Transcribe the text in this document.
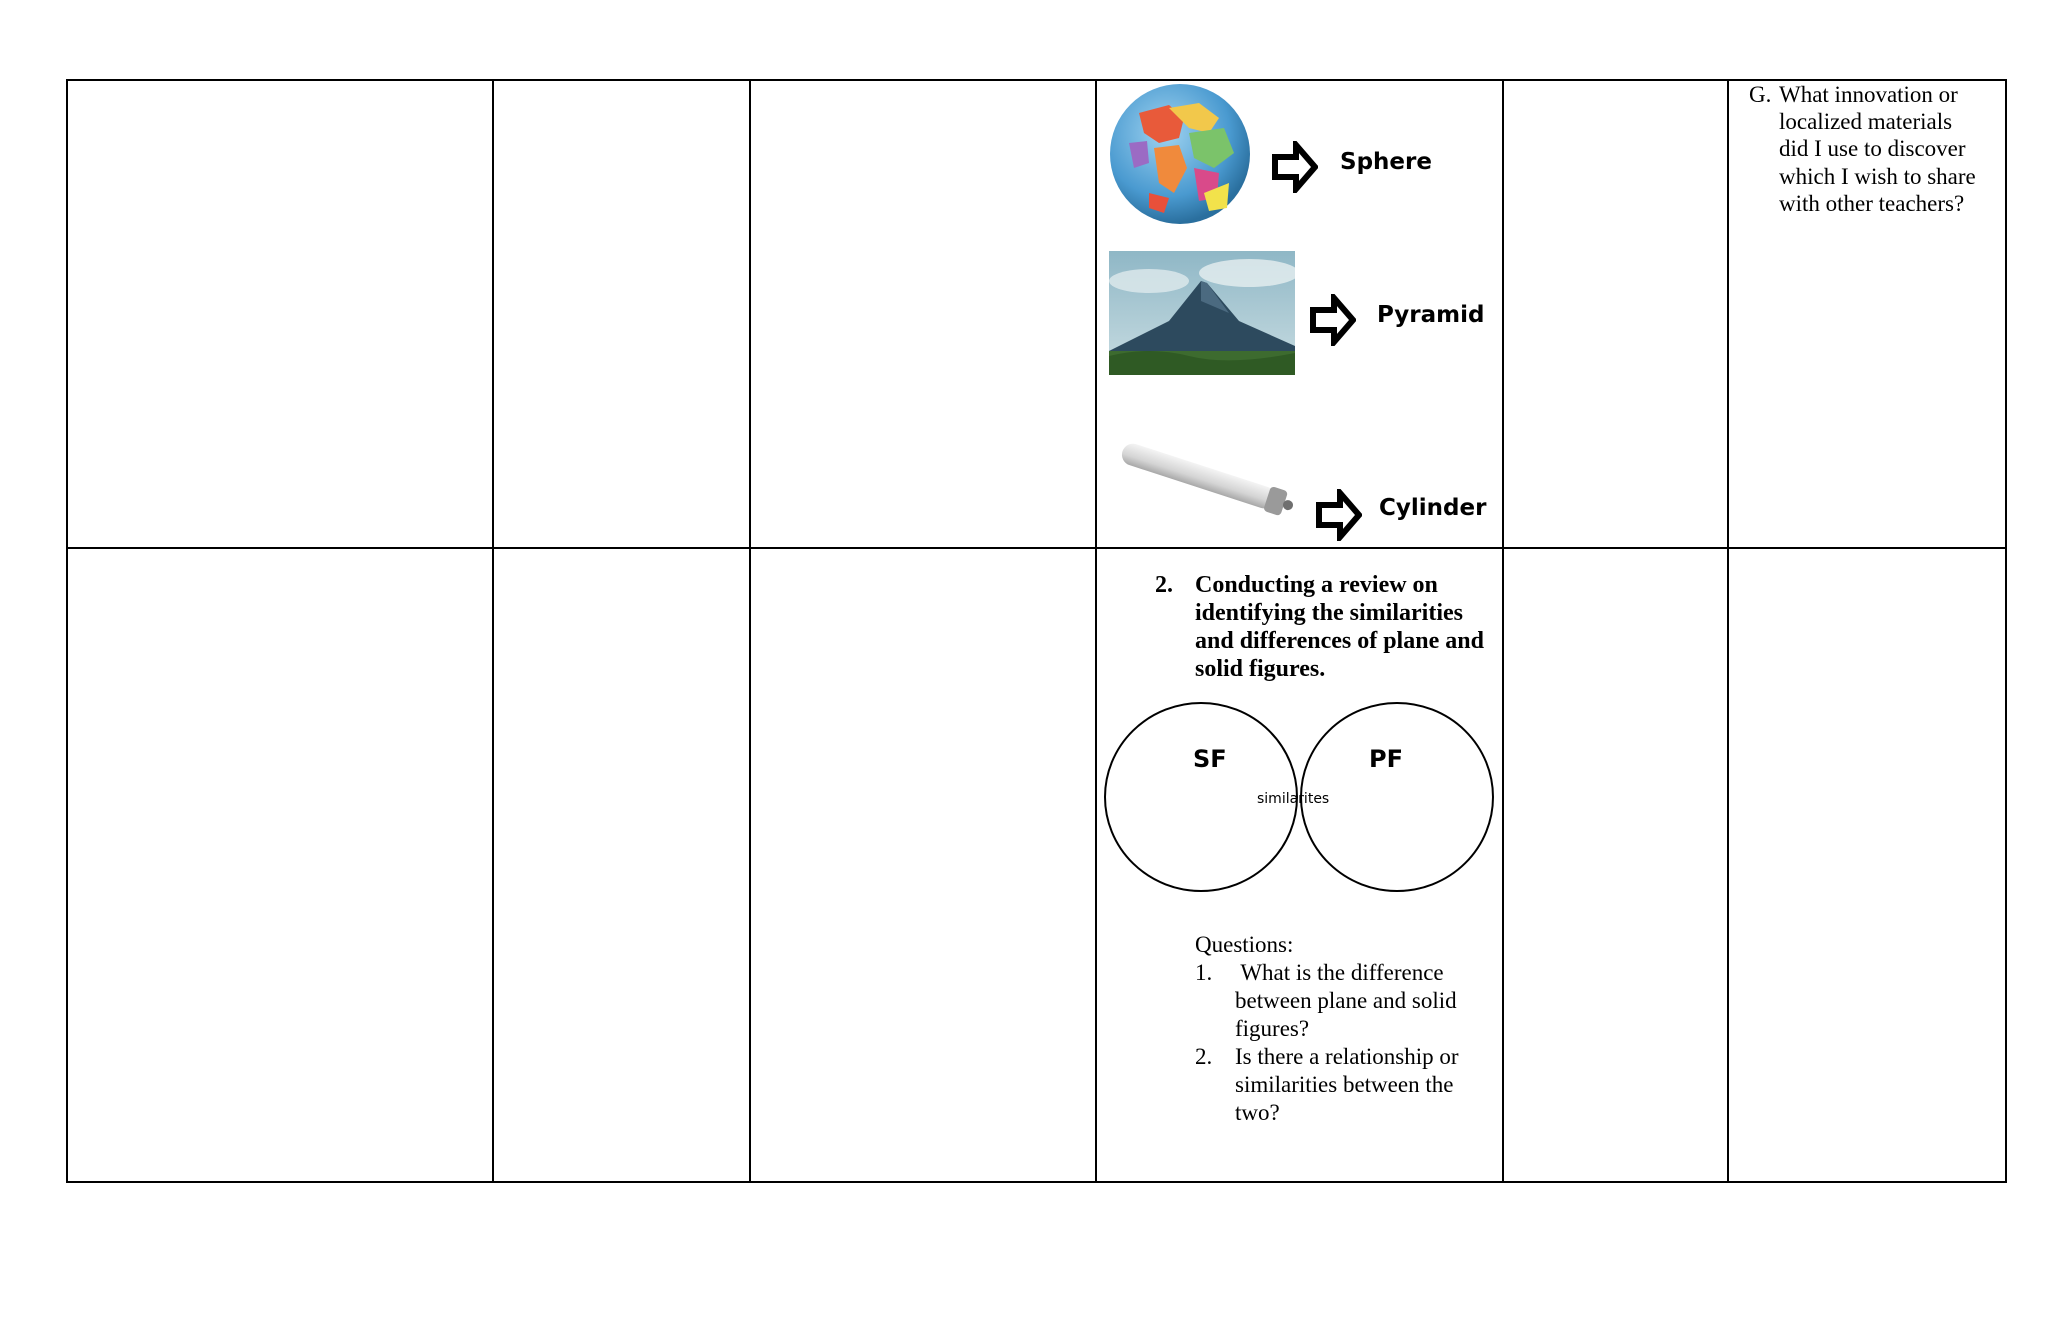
Sphere
Pyramid
Cylinder
G. What innovation or
localized materials
did I use to discover
which I wish to share
with other teachers?
2. Conducting a review on
identifying the similarities
and differences of plane and
solid figures.
SF	PF
similarites
Questions:
1. What is the difference
between plane and solid
figures?
2. Is there a relationship or
similarities between the
two?
